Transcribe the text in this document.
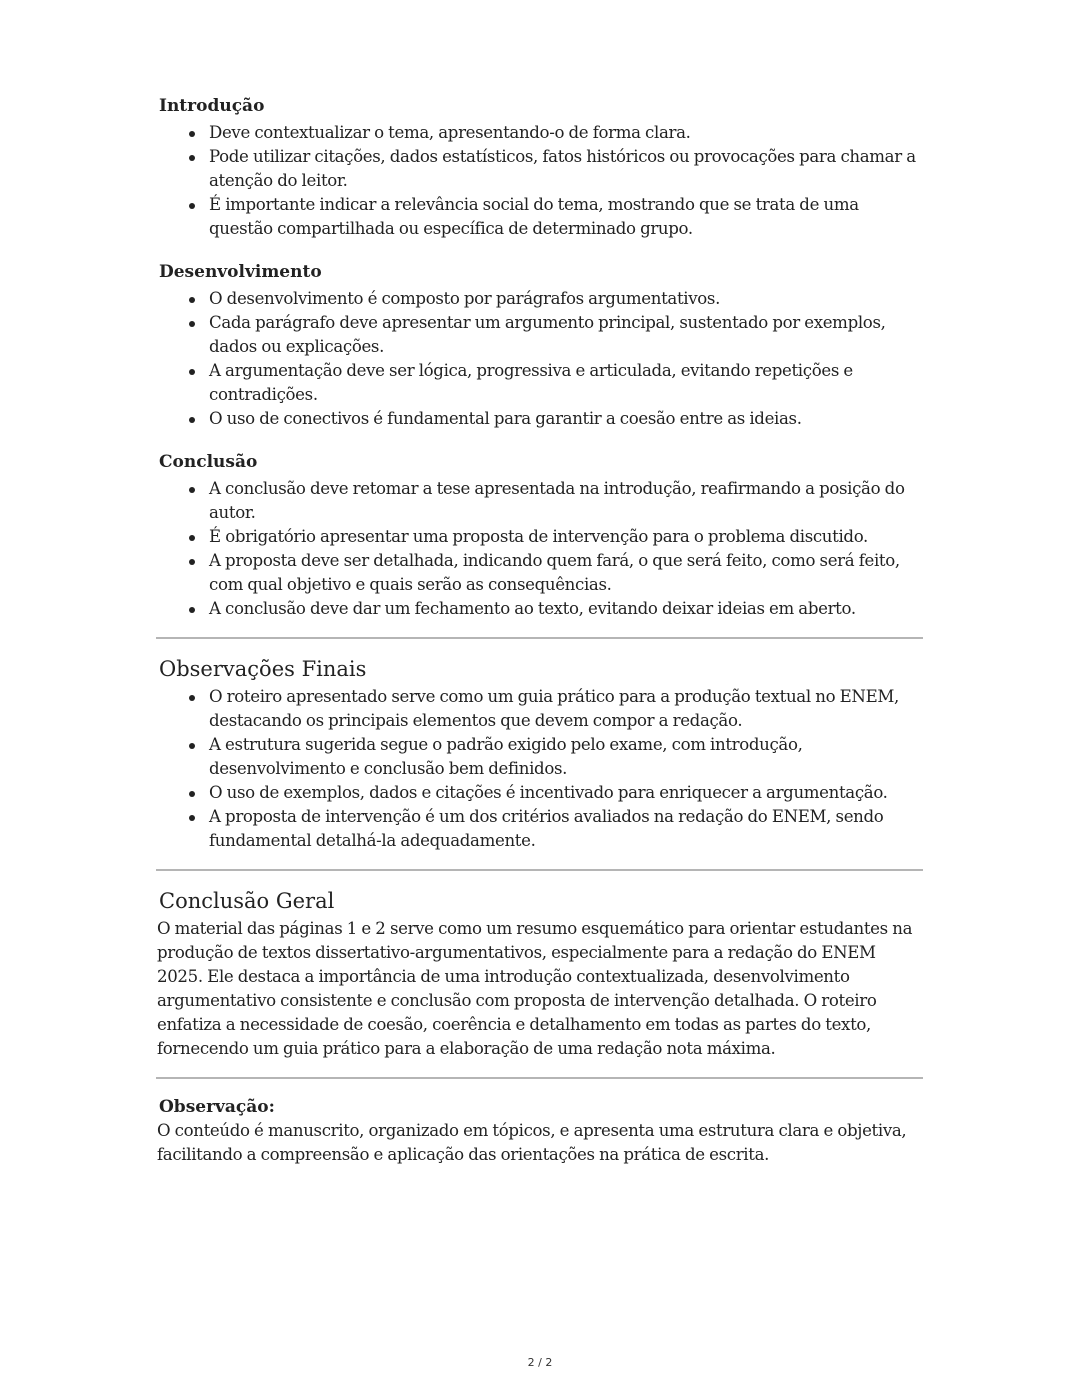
Introdução
Deve contextualizar o tema, apresentando-o de forma clara.
Pode utilizar citações, dados estatísticos, fatos históricos ou provocações para chamar a atenção do leitor.
É importante indicar a relevância social do tema, mostrando que se trata de uma questão compartilhada ou específica de determinado grupo.
Desenvolvimento
O desenvolvimento é composto por parágrafos argumentativos.
Cada parágrafo deve apresentar um argumento principal, sustentado por exemplos, dados ou explicações.
A argumentação deve ser lógica, progressiva e articulada, evitando repetições e contradições.
O uso de conectivos é fundamental para garantir a coesão entre as ideias.
Conclusão
A conclusão deve retomar a tese apresentada na introdução, reafirmando a posição do autor.
É obrigatório apresentar uma proposta de intervenção para o problema discutido.
A proposta deve ser detalhada, indicando quem fará, o que será feito, como será feito, com qual objetivo e quais serão as consequências.
A conclusão deve dar um fechamento ao texto, evitando deixar ideias em aberto.
Observações Finais
O roteiro apresentado serve como um guia prático para a produção textual no ENEM, destacando os principais elementos que devem compor a redação.
A estrutura sugerida segue o padrão exigido pelo exame, com introdução, desenvolvimento e conclusão bem definidos.
O uso de exemplos, dados e citações é incentivado para enriquecer a argumentação.
A proposta de intervenção é um dos critérios avaliados na redação do ENEM, sendo fundamental detalhá-la adequadamente.
Conclusão Geral

O material das páginas 1 e 2 serve como um resumo esquemático para orientar estudantes na produção de textos dissertativo-argumentativos, especialmente para a redação do ENEM 2025. Ele destaca a importância de uma introdução contextualizada, desenvolvimento argumentativo consistente e conclusão com proposta de intervenção detalhada. O roteiro enfatiza a necessidade de coesão, coerência e detalhamento em todas as partes do texto, fornecendo um guia prático para a elaboração de uma redação nota máxima.

Observação:

O conteúdo é manuscrito, organizado em tópicos, e apresenta uma estrutura clara e objetiva, facilitando a compreensão e aplicação das orientações na prática de escrita.

2 / 2
